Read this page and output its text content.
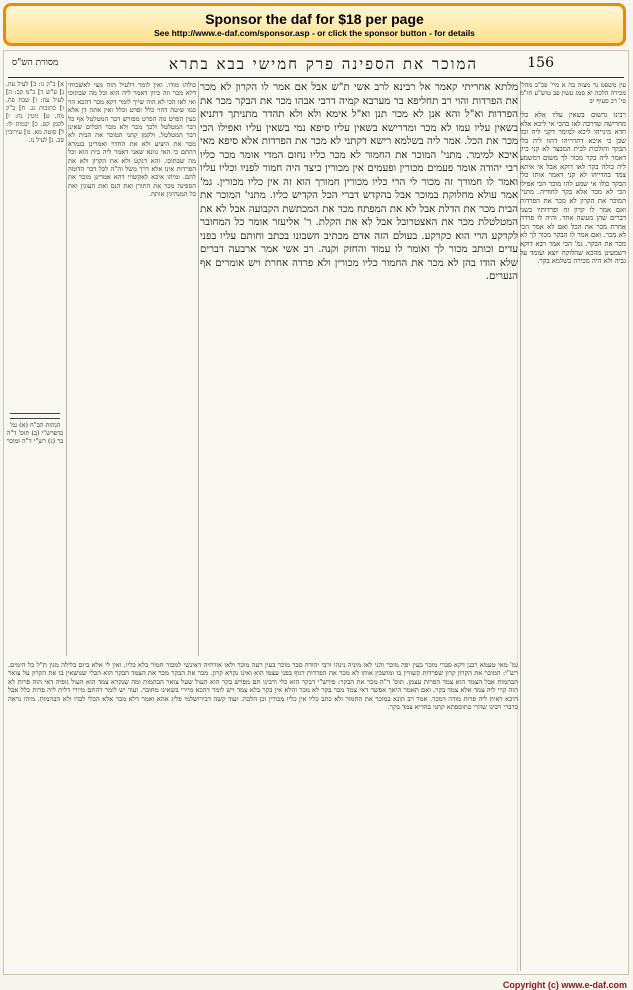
Sponsor the daf for $18 per page
See http://www.e-daf.com/sponsor.asp - or click the sponsor button - for details
156
המוכר את הספינה פרק חמישי בבא בתרא
מסורת הש"ס
עין משפט נר מצוה בה א מיי' פכ"ב מהל' מכירה הלכה יא סמג עשין פב טוש"ע חו"מ סי' רכ סעיף יב
רבינו גרשום בשאין עליו אלא כלי מחרישה שדרכה לאו בהכי אי ליכא אלא חדא מינייהו ליכא למימר דקני ליה וכל שכן כי איכא דתרוייהו דהוו ליה כלי הבקר והולכות לבית המבצר לא קני כיון דאמר ליה בקר מכור לך משום דמשמע ליה כולה בקר לאו דוקא אבל אי איתא צמד בהדייהו לא קני דאמר אותו כלי הבקר כולו אי שמע להו מוכר הכי אפילו הכי לא מכר אלא בקר לחודיה. מתני' המוכר את הקרון לא מכר את הפרדות ואם אמר לו קרון זה ופרדותיו בשני דברים שהן מעשה אחד. והיה לו פרדה אחרת מכר את הכל ואם לא אמר הכי לא מכר. ואם אמר לו הבקר מכור לך לא מכר את הבקר. גמ' הכי אמר רבא דוקא דשמעינן מהכא שהלוקח יוצא ועומד על גביה ולא היה מכירה בשלמא בקר.
א] ב"ק נו: ב] לעיל עח. ג] ע"ש ד] ב"מ קב: ה] לעיל עח: ו] שבת פח. ז] כתובות נג. ח] ב"ק מח. ט] גיטין נה: י] לקמן קס. כ] יבמות לו: ל] סוטה מא. מ] עירובין סב. נ] לעיל נז.
הגהות הב"ח (א) גמ' כדפרש"י (ב) תוס' ד"ה בר (ג) רש"י ד"ה ומוכר
כולהו מודו. ואין לומר דלעיל הוה מצי לאשכוחי דלא מכר וזה כיוון דאמר ליה הוא וכל מה שבתוכו ואי לאו הכי לא הוה שייך לומר דקא מכר דהכא הוי כמו שיטה דהוי כלל ופרט וכלל ואין אתה דן אלא כעין הפרט מה הפרט מפורש דבר המטלטל אף כל דבר המטלטל ולכך מכר ולא מכר הכלים שאינן דבר המטלטל. ולקמן קתני המוכר את הבית לא מכר את היציע ולא את החדר ואמרינן בגמרא דהתם כי האי גוונא שאני דאמר ליה בית הוא וכל מה שבתוכו. והא דנקט ולא את הקרון ולא את הפרדות אינו אלא דרך משל וה"ה לכל דבר הדומה להם. ומיהו איכא לאקשויי דהא אמרינן מוכר את הספינה מכר את התורן ואת הנס ואת העוגין ואת כל המנהיגין אותה.
מלתא אחריתי קאמר אל רבינא לרב אשי ת"ש אבל אם אמר לו הקרון לא מכר את הפרדות והוי רב תחליפא בר מערבא קמיה דרבי אבהו מכר את הבקר מכר את הפרדות וא"ל והא אנן לא מכר תנן וא"ל אימא ולא ולא תהדר מתניתך דתניא בשאין עליו עמו לא מכר ומדרישא בשאין עליו סיפא נמי בשאין עליו ואפילו הכי מכר את הכל. אמר ליה בשלמא רישא דקתני לא מכר את הפרדות אלא סיפא מאי איכא למימר. מתני' המוכר את החמור לא מכר כליו נחום המדי אומר מכר כליו רבי יהודה אומר פעמים מכורין ופעמים אין מכורין כיצד היה חמור לפניו וכליו עליו ואמר לו חמורך זה מכור לי הרי כליו מכורין חמורך הוא זה אין כליו מכורין. גמ' אמר עולא מחלוקת במוכר אבל בהקדש דברי הכל הקדיש כליו. מתני' המוכר את הבית מכר את הדלת אבל לא את המפתח מכר את המכתשת הקבועה אבל לא את המטלטלת מכר את האצטרובל אבל לא את הקלת. ר' אליעזר אומר כל המחובר לקרקע הרי הוא כקרקע. בעולם הזה אדם מכתיב חשבונו בכתב וחותם עליו בפני עדים וכותב מכור לך ואומר לו עמוד והחזק וקנה. רב אשי אמר ארבעה דברים שלא הודו בהן לא מכר את החמור כליו מכורין ולא פרדה אחרת ויש אומרים אף הנערים.
גמ' מאי טעמא רבנן דקא סברי מוכר בעין יפה מוכר והני לאו מיניה נינהו ורבי יהודה סבר מוכר בעין רעה מוכר ולאו אורחיה דאינשי למכור חמור בלא כליו. ואין לי אלא ביום בלילה מנין ת"ל כל הימים. רש"י: המוכר את הקרון קרון שפרדות קשורין בו ומושכין אותו לא מכר את הפרדות דגוף בפני עצמו הוא ואינו נקרא קרון. מכר את הבקר מכר את הצמד הבקר הוא הכלי שנושאין בו את הקרון על צואר הבהמות אבל הצמד הוא צמד הפרות עצמן. תוס' ד"ה מכר את הבקר: פירש"י דבקר הוא כלי ורבינו תם מפרש בקר הוא העול שעל צואר הבהמות ומה שנקרא צמד הוא העול גופיה דאי הוה פרות לא הוה קרי ליה צמד אלא צמד בקר. ואם תאמר היאך אפשר דאי צמד מכר בקר לא מכר והלא אין בקר בלא צמד ויש לומר דהכא מיירי בשאינו מחובר. ועוד יש לומר דהתם מיירי דלית ליה פרות כלל אבל היכא דאית ליה פרות מודה דמכר. אמר רב הונא במוכר את החמור ולא כתב כליו אין כליו מכורין וכן הלכה. ועוד קשה דבירושלמי פליג אהא ואמר דלא מכר אלא הכלי לבדו ולא הבהמות. מיהו נראה כדברי רבינו שהרי בתוספתא קתני בהדיא צמד בקר.
Copyright (c) www.e-daf.com
